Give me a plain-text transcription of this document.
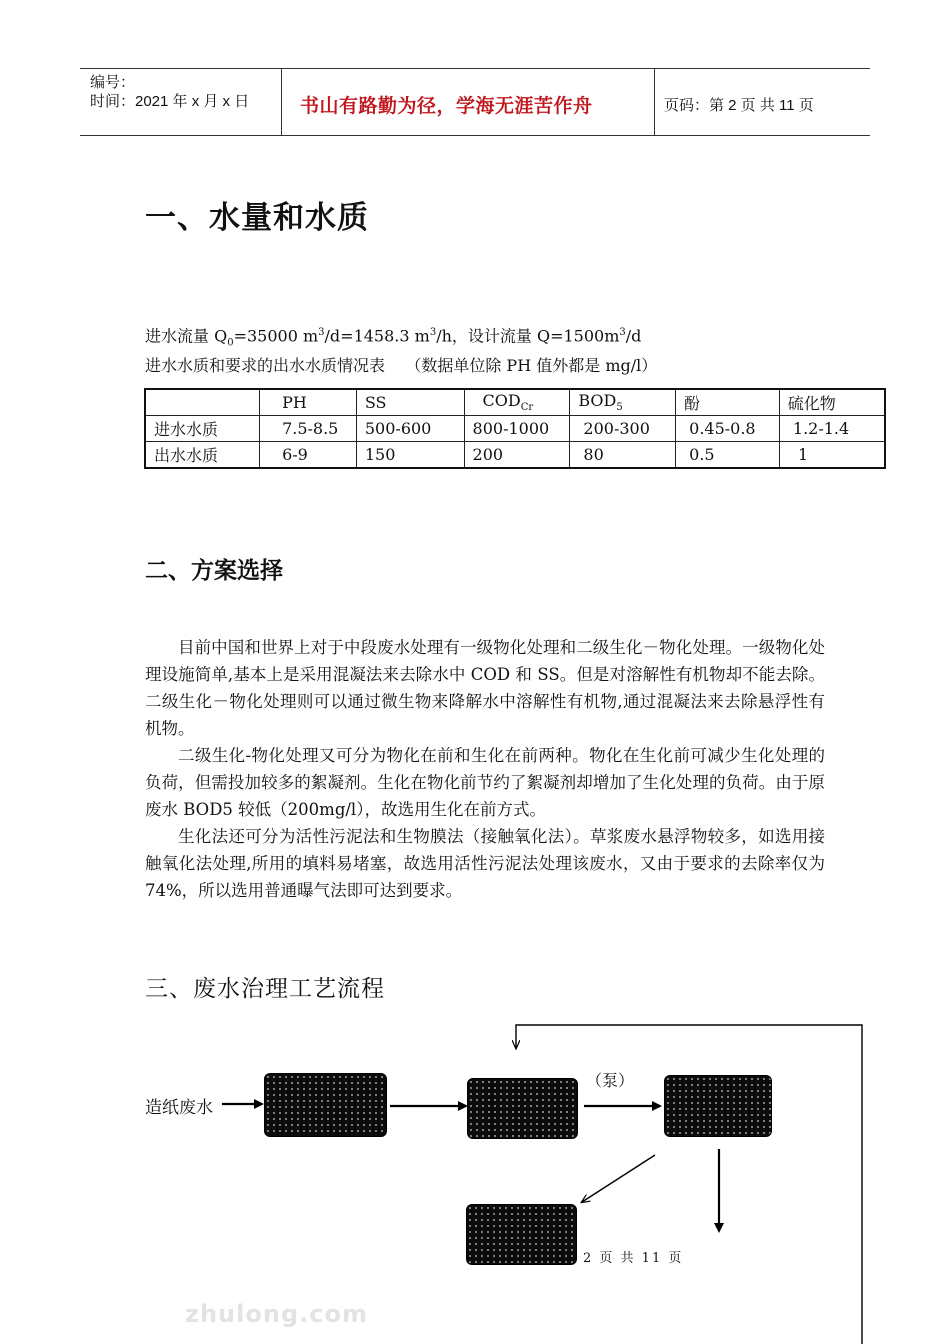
编号：
时间：2021 年 x 月 x 日	书山有路勤为径，学海无涯苦作舟	页码：第 2 页 共 11 页
一、水量和水质
进水流量 $Q_0=35000$ $m^3/d=1458.3$ $m^3/h$，设计流量 $Q=1500m^3/d$
进水水质和要求的出水水质情况表    （数据单位除 PH 值外都是 mg/l）
	PH	SS	$COD_{Cr}$	$BOD_5$	酚	硫化物
进水水质	7.5-8.5	500-600	800-1000	200-300	0.45-0.8	1.2-1.4
出水水质	6-9	150	200	80	0.5	1
二、方案选择

目前中国和世界上对于中段废水处理有一级物化处理和二级生化－物化处理。一级物化处理设施简单,基本上是采用混凝法来去除水中 COD 和 SS。但是对溶解性有机物却不能去除。二级生化－物化处理则可以通过微生物来降解水中溶解性有机物,通过混凝法来去除悬浮性有机物。

二级生化-物化处理又可分为物化在前和生化在前两种。物化在生化前可减少生化处理的负荷，但需投加较多的絮凝剂。生化在物化前节约了絮凝剂却增加了生化处理的负荷。由于原废水 BOD5 较低（200mg/l），故选用生化在前方式。

生化法还可分为活性污泥法和生物膜法（接触氧化法）。草浆废水悬浮物较多，如选用接触氧化法处理,所用的填料易堵塞，故选用活性污泥法处理该废水，又由于要求的去除率仅为 74%，所以选用普通曝气法即可达到要求。

三、废水治理工艺流程
造纸废水
（泵）
2 页 共 11 页
zhulong.com
